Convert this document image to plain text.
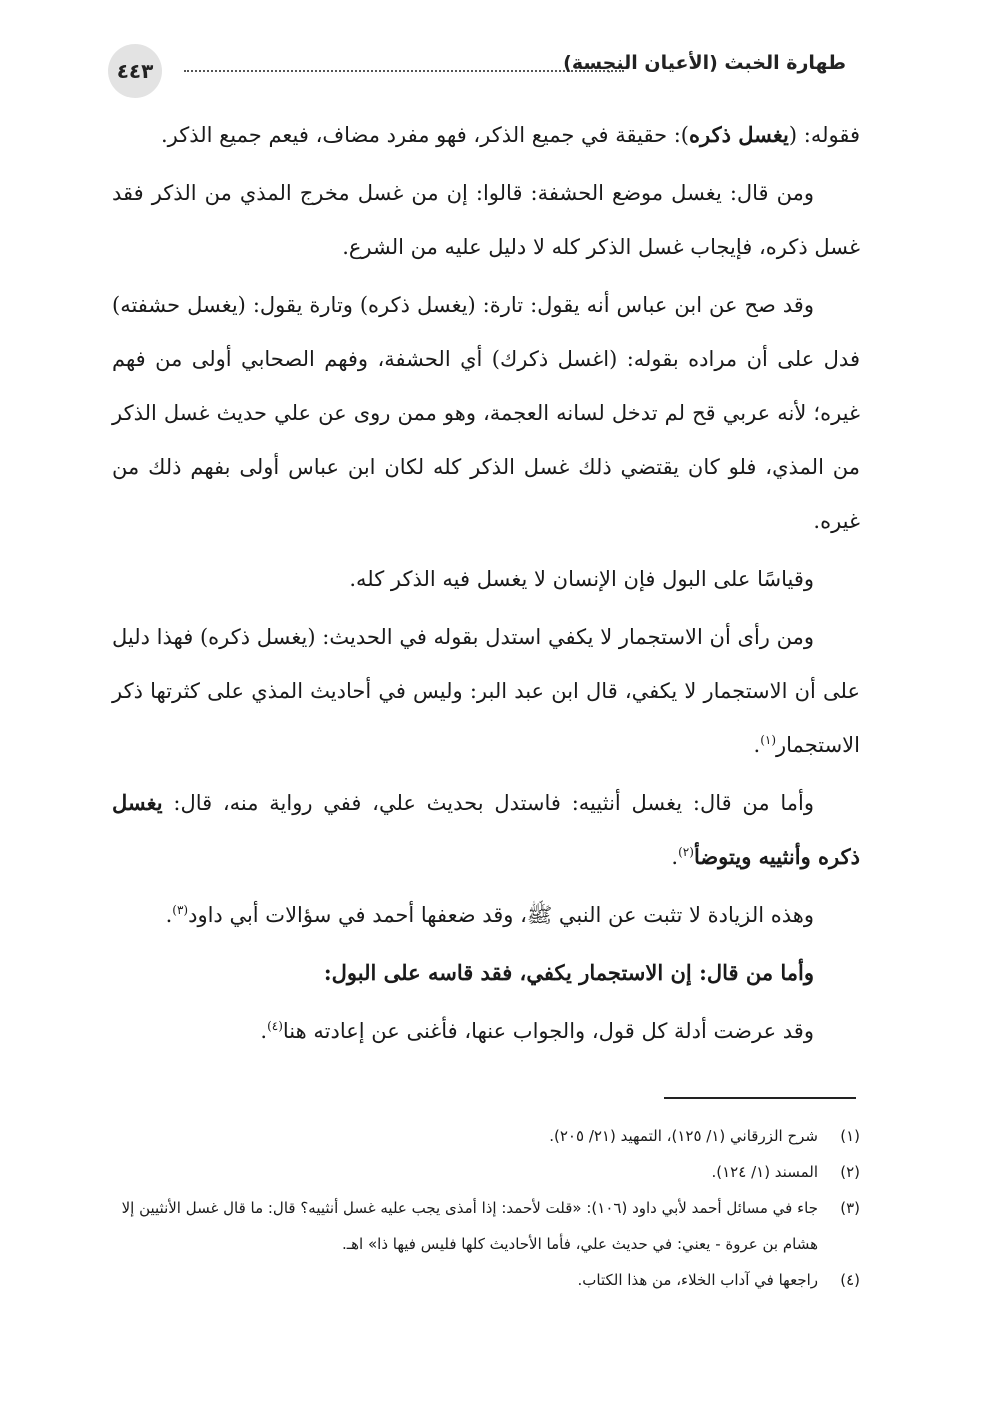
٤٤٣	طهارة الخبث (الأعيان النجسة)

فقوله: (يغسل ذكره): حقيقة في جميع الذكر، فهو مفرد مضاف، فيعم جميع الذكر.

ومن قال: يغسل موضع الحشفة: قالوا: إن من غسل مخرج المذي من الذكر فقد غسل ذكره، فإيجاب غسل الذكر كله لا دليل عليه من الشرع.

وقد صح عن ابن عباس أنه يقول: تارة: (يغسل ذكره) وتارة يقول: (يغسل حشفته) فدل على أن مراده بقوله: (اغسل ذكرك) أي الحشفة، وفهم الصحابي أولى من فهم غيره؛ لأنه عربي قح لم تدخل لسانه العجمة، وهو ممن روى عن علي حديث غسل الذكر من المذي، فلو كان يقتضي ذلك غسل الذكر كله لكان ابن عباس أولى بفهم ذلك من غيره.

وقياسًا على البول فإن الإنسان لا يغسل فيه الذكر كله.

ومن رأى أن الاستجمار لا يكفي استدل بقوله في الحديث: (يغسل ذكره) فهذا دليل على أن الاستجمار لا يكفي، قال ابن عبد البر: وليس في أحاديث المذي على كثرتها ذكر الاستجمار$^{(١)}$.

وأما من قال: يغسل أنثييه: فاستدل بحديث علي، ففي رواية منه، قال: يغسل ذكره وأنثييه ويتوضأ$^{(٢)}$.

وهذه الزيادة لا تثبت عن النبي ﷺ، وقد ضعفها أحمد في سؤالات أبي داود$^{(٣)}$.

وأما من قال: إن الاستجمار يكفي، فقد قاسه على البول:

وقد عرضت أدلة كل قول، والجواب عنها، فأغنى عن إعادته هنا$^{(٤)}$.

(١)
شرح الزرقاني (١/ ١٢٥)، التمهيد (٢١/ ٢٠٥).
(٢)
المسند (١/ ١٢٤).
(٣)
جاء في مسائل أحمد لأبي داود (١٠٦): «قلت لأحمد: إذا أمذى يجب عليه غسل أنثييه؟ قال: ما قال غسل الأنثيين إلا هشام بن عروة - يعني: في حديث علي، فأما الأحاديث كلها فليس فيها ذا» اهـ.
(٤)
راجعها في آداب الخلاء، من هذا الكتاب.
